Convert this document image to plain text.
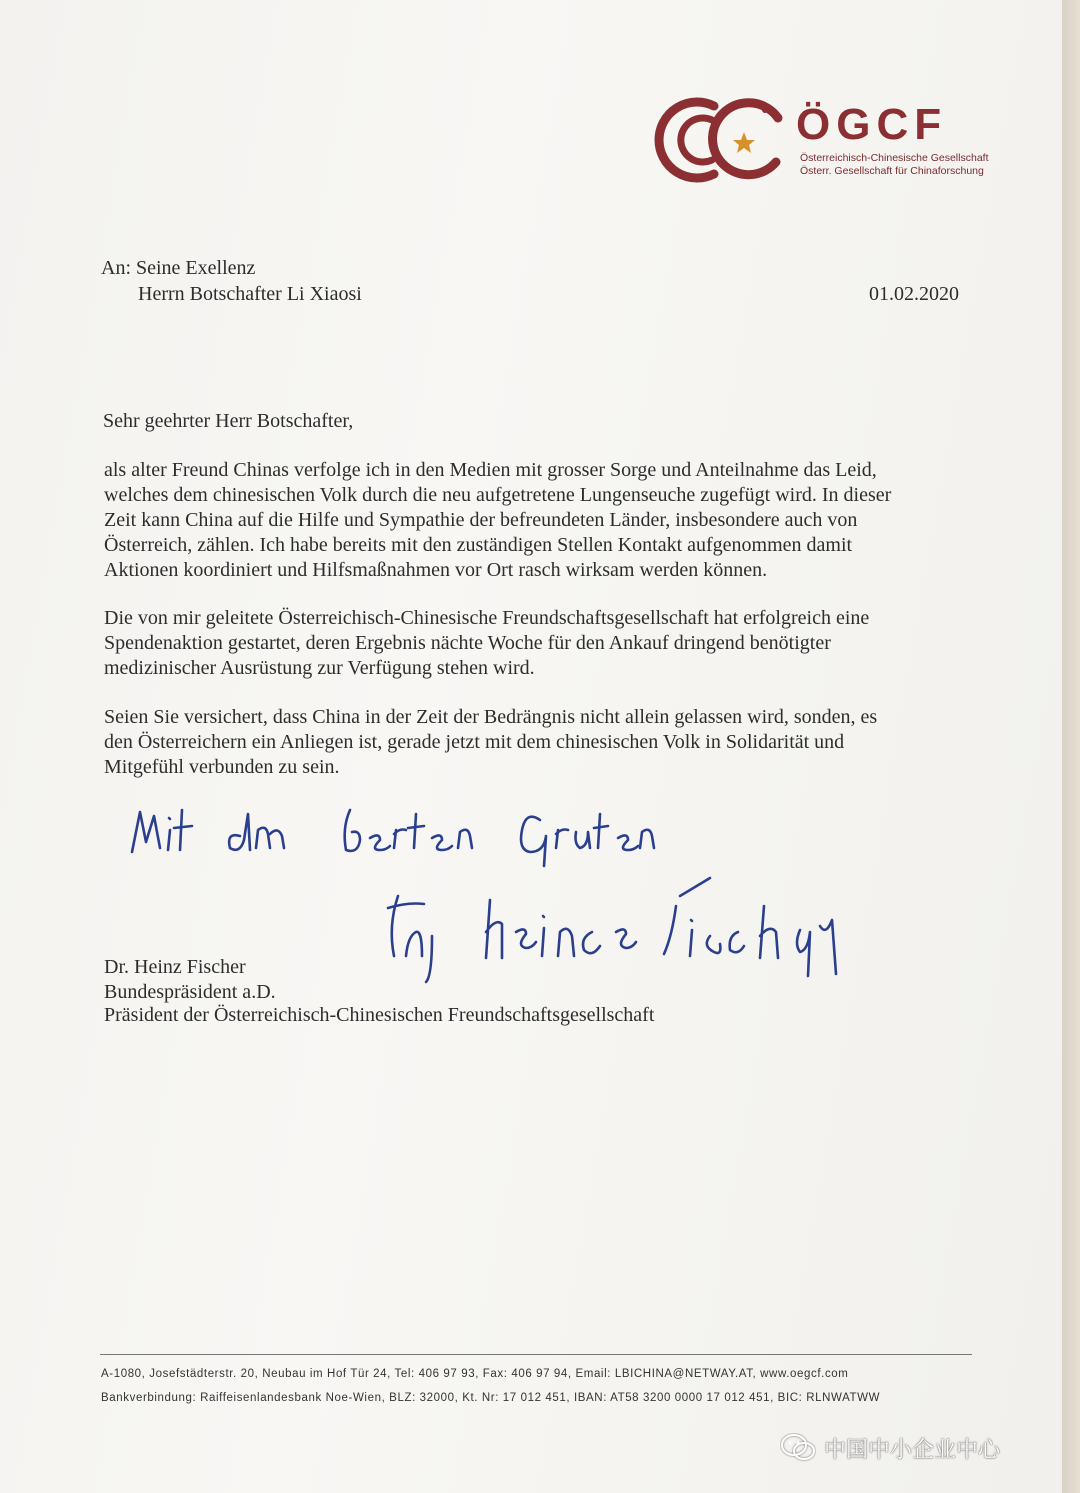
ÖGCF
Österreichisch-Chinesische Gesellschaft
Österr. Gesellschaft für Chinaforschung
An: Seine Exellenz
Herrn Botschafter Li Xiaosi	01.02.2020
Sehr geehrter Herr Botschafter,
als alter Freund Chinas verfolge ich in den Medien mit grosser Sorge und Anteilnahme das Leid,
welches dem chinesischen Volk durch die neu aufgetretene Lungenseuche zugefügt wird. In dieser
Zeit kann China auf die Hilfe und Sympathie der befreundeten Länder, insbesondere auch von
Österreich, zählen. Ich habe bereits mit den zuständigen Stellen Kontakt aufgenommen damit
Aktionen koordiniert und Hilfsmaßnahmen vor Ort rasch wirksam werden können.
Die von mir geleitete Österreichisch-Chinesische Freundschaftsgesellschaft hat erfolgreich eine
Spendenaktion gestartet, deren Ergebnis nächte Woche für den Ankauf dringend benötigter
medizinischer Ausrüstung zur Verfügung stehen wird.
Seien Sie versichert, dass China in der Zeit der Bedrängnis nicht allein gelassen wird, sonden, es
den Österreichern ein Anliegen ist, gerade jetzt mit dem chinesischen Volk in Solidarität und
Mitgefühl verbunden zu sein.
Dr. Heinz Fischer
Bundespräsident a.D.
Präsident der Österreichisch-Chinesischen Freundschaftsgesellschaft
A-1080, Josefstädterstr. 20, Neubau im Hof Tür 24, Tel: 406 97 93, Fax: 406 97 94, Email: LBICHINA@NETWAY.AT, www.oegcf.com
Bankverbindung: Raiffeisenlandesbank Noe-Wien, BLZ: 32000, Kt. Nr: 17 012 451, IBAN: AT58 3200 0000 17 012 451, BIC: RLNWATWW
中国中小企业中心
